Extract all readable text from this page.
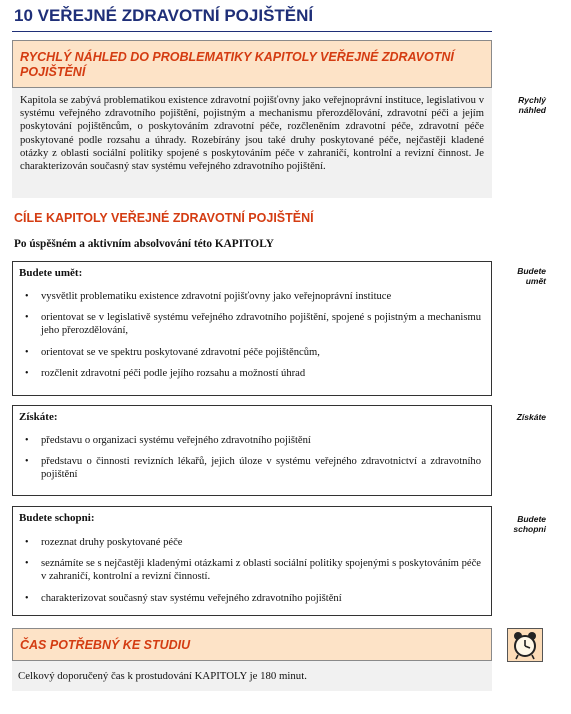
10 VEŘEJNÉ ZDRAVOTNÍ POJIŠTĚNÍ
RYCHLÝ NÁHLED DO PROBLEMATIKY KAPITOLY VEŘEJNÉ ZDRAVOTNÍ POJIŠTĚNÍ
Rychlý náhled
Kapitola se zabývá problematikou existence zdravotní pojišťovny jako veřejnoprávní instituce, legislativou v systému veřejného zdravotního pojištění, pojistným a mechanismu přerozdělování, zdravotní péči a jejím poskytování pojištěncům, o poskytováním zdravotní péče, rozčleněním zdravotní péče, zdravotní péče poskytované podle rozsahu a úhrady. Rozebírány jsou také druhy poskytované péče, nejčastěji kladené otázky z oblasti sociální politiky spojené s poskytováním péče v zahraničí, kontrolní a revizní činnost. Je charakterizován současný stav systému veřejného zdravotního pojištění.
CÍLE KAPITOLY VEŘEJNÉ ZDRAVOTNÍ POJIŠTĚNÍ
Po úspěšném a aktivním absolvování této KAPITOLY
Budete umět
Budete umět:
• vysvětlit problematiku existence zdravotní pojišťovny jako veřejnoprávní instituce
• orientovat se v legislativě systému veřejného zdravotního pojištění, spojené s pojistným a mechanismu jeho přerozdělování,
• orientovat se ve spektru poskytované zdravotní péče pojištěncům,
• rozčlenit zdravotní péči podle jejího rozsahu a možností úhrad
Získáte
Získáte:
• představu o organizaci systému veřejného zdravotního pojištění
• představu o činnosti revizních lékařů, jejich úloze v systému veřejného zdravotnictví a zdravotního pojištění
Budete schopni
Budete schopni:
• rozeznat druhy poskytované péče
• seznámíte se s nejčastěji kladenými otázkami z oblasti sociální politiky spojenými s poskytováním péče v zahraničí, kontrolní a revizní činností.
• charakterizovat současný stav systému veřejného zdravotního pojištění
ČAS POTŘEBNÝ KE STUDIU
Celkový doporučený čas k prostudování KAPITOLY je 180 minut.
